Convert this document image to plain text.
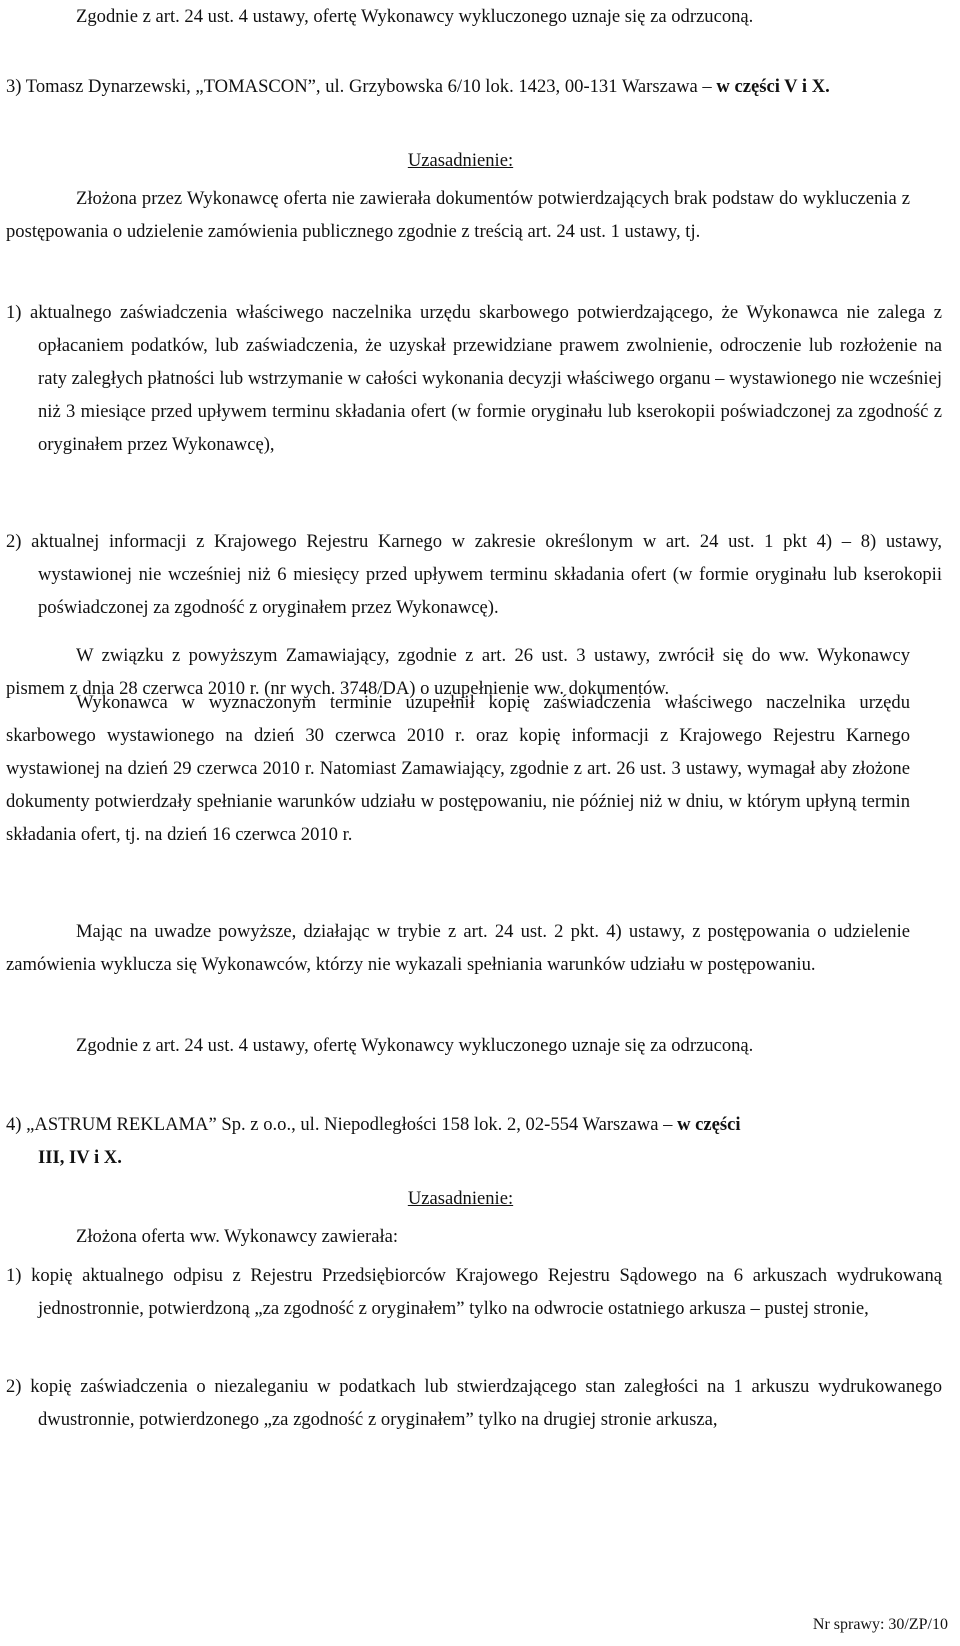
Zgodnie z art. 24 ust. 4 ustawy, ofertę Wykonawcy wykluczonego uznaje się za odrzuconą.

3) Tomasz Dynarzewski, „TOMASCON”, ul. Grzybowska 6/10 lok. 1423, 00-131 Warszawa – w części V i X.

Uzasadnienie:

Złożona przez Wykonawcę oferta nie zawierała dokumentów potwierdzających brak podstaw do wykluczenia z postępowania o udzielenie zamówienia publicznego zgodnie z treścią art. 24 ust. 1 ustawy, tj.

1) aktualnego zaświadczenia właściwego naczelnika urzędu skarbowego potwierdzającego, że Wykonawca nie zalega z opłacaniem podatków, lub zaświadczenia, że uzyskał przewidziane prawem zwolnienie, odroczenie lub rozłożenie na raty zaległych płatności lub wstrzymanie w całości wykonania decyzji właściwego organu – wystawionego nie wcześniej niż 3 miesiące przed upływem terminu składania ofert (w formie oryginału lub kserokopii poświadczonej za zgodność z oryginałem przez Wykonawcę),

2) aktualnej informacji z Krajowego Rejestru Karnego w zakresie określonym w art. 24 ust. 1 pkt 4) – 8) ustawy, wystawionej nie wcześniej niż 6 miesięcy przed upływem terminu składania ofert (w formie oryginału lub kserokopii poświadczonej za zgodność z oryginałem przez Wykonawcę).

W związku z powyższym Zamawiający, zgodnie z art. 26 ust. 3 ustawy, zwrócił się do ww. Wykonawcy pismem z dnia 28 czerwca 2010 r. (nr wych. 3748/DA) o uzupełnienie ww. dokumentów.

Wykonawca w wyznaczonym terminie uzupełnił kopię zaświadczenia właściwego naczelnika urzędu skarbowego wystawionego na dzień 30 czerwca 2010 r. oraz kopię informacji z Krajowego Rejestru Karnego wystawionej na dzień 29 czerwca 2010 r. Natomiast Zamawiający, zgodnie z art. 26 ust. 3 ustawy, wymagał aby złożone dokumenty potwierdzały spełnianie warunków udziału w postępowaniu, nie później niż w dniu, w którym upłyną termin składania ofert, tj. na dzień 16 czerwca 2010 r.

Mając na uwadze powyższe, działając w trybie z art. 24 ust. 2 pkt. 4) ustawy, z postępowania o udzielenie zamówienia wyklucza się Wykonawców, którzy nie wykazali spełniania warunków udziału w postępowaniu.

Zgodnie z art. 24 ust. 4 ustawy, ofertę Wykonawcy wykluczonego uznaje się za odrzuconą.

4) „ASTRUM REKLAMA” Sp. z o.o., ul. Niepodległości 158 lok. 2, 02-554 Warszawa – w części
III, IV i X.

Uzasadnienie:

Złożona oferta ww. Wykonawcy zawierała:

1) kopię aktualnego odpisu z Rejestru Przedsiębiorców Krajowego Rejestru Sądowego na 6 arkuszach wydrukowaną jednostronnie, potwierdzoną „za zgodność z oryginałem” tylko na odwrocie ostatniego arkusza – pustej stronie,

2) kopię zaświadczenia o niezaleganiu w podatkach lub stwierdzającego stan zaległości na 1 arkuszu wydrukowanego dwustronnie, potwierdzonego „za zgodność z oryginałem” tylko na drugiej stronie arkusza,

Nr sprawy: 30/ZP/10
